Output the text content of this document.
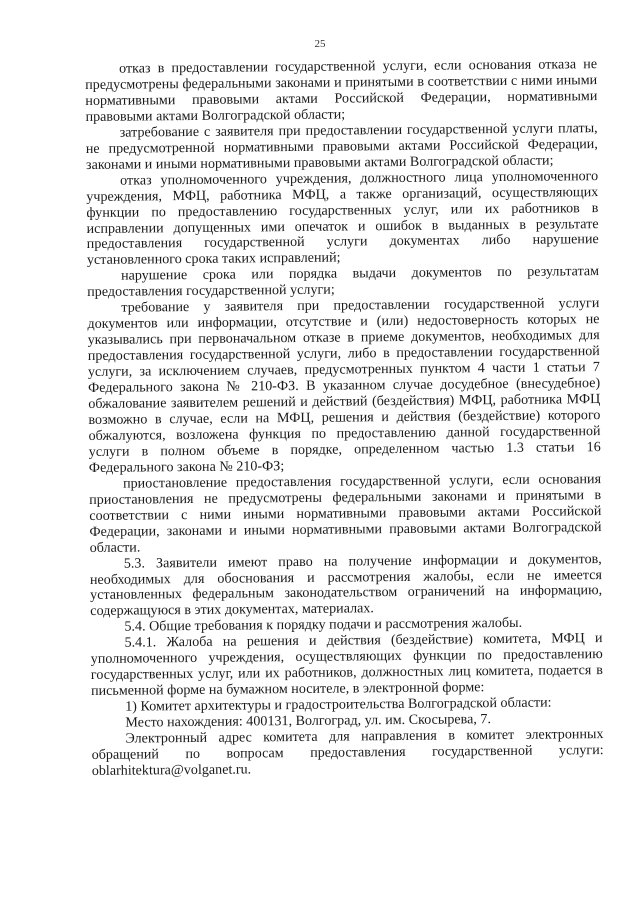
25

отказ в предоставлении государственной услуги, если основания отказа не предусмотрены федеральными законами и принятыми в соответствии с ними иными нормативными правовыми актами Российской Федерации, нормативными правовыми актами Волгоградской области;

затребование с заявителя при предоставлении государственной услуги платы, не предусмотренной нормативными правовыми актами Российской Федерации, законами и иными нормативными правовыми актами Волгоградской области;

отказ уполномоченного учреждения, должностного лица уполномоченного учреждения, МФЦ, работника МФЦ, а также организаций, осуществляющих функции по предоставлению государственных услуг, или их работников в исправлении допущенных ими опечаток и ошибок в выданных в результате предоставления государственной услуги документах либо нарушение установленного срока таких исправлений;

нарушение срока или порядка выдачи документов по результатам предоставления государственной услуги;

требование у заявителя при предоставлении государственной услуги документов или информации, отсутствие и (или) недостоверность которых не указывались при первоначальном отказе в приеме документов, необходимых для предоставления государственной услуги, либо в предоставлении государственной услуги, за исключением случаев, предусмотренных пунктом 4 части 1 статьи 7 Федерального закона № 210-ФЗ. В указанном случае досудебное (внесудебное) обжалование заявителем решений и действий (бездействия) МФЦ, работника МФЦ возможно в случае, если на МФЦ, решения и действия (бездействие) которого обжалуются, возложена функция по предоставлению данной государственной услуги в полном объеме в порядке, определенном частью 1.3 статьи 16 Федерального закона № 210-ФЗ;

приостановление предоставления государственной услуги, если основания приостановления не предусмотрены федеральными законами и принятыми в соответствии с ними иными нормативными правовыми актами Российской Федерации, законами и иными нормативными правовыми актами Волгоградской области.

5.3. Заявители имеют право на получение информации и документов, необходимых для обоснования и рассмотрения жалобы, если не имеется установленных федеральным законодательством ограничений на информацию, содержащуюся в этих документах, материалах.

5.4. Общие требования к порядку подачи и рассмотрения жалобы.

5.4.1. Жалоба на решения и действия (бездействие) комитета, МФЦ и уполномоченного учреждения, осуществляющих функции по предоставлению государственных услуг, или их работников, должностных лиц комитета, подается в письменной форме на бумажном носителе, в электронной форме:

1) Комитет архитектуры и градостроительства Волгоградской области:

Место нахождения: 400131, Волгоград, ул. им. Скосырева, 7.

Электронный адрес комитета для направления в комитет электронных обращений по вопросам предоставления государственной услуги: oblarhitektura@volganet.ru.
